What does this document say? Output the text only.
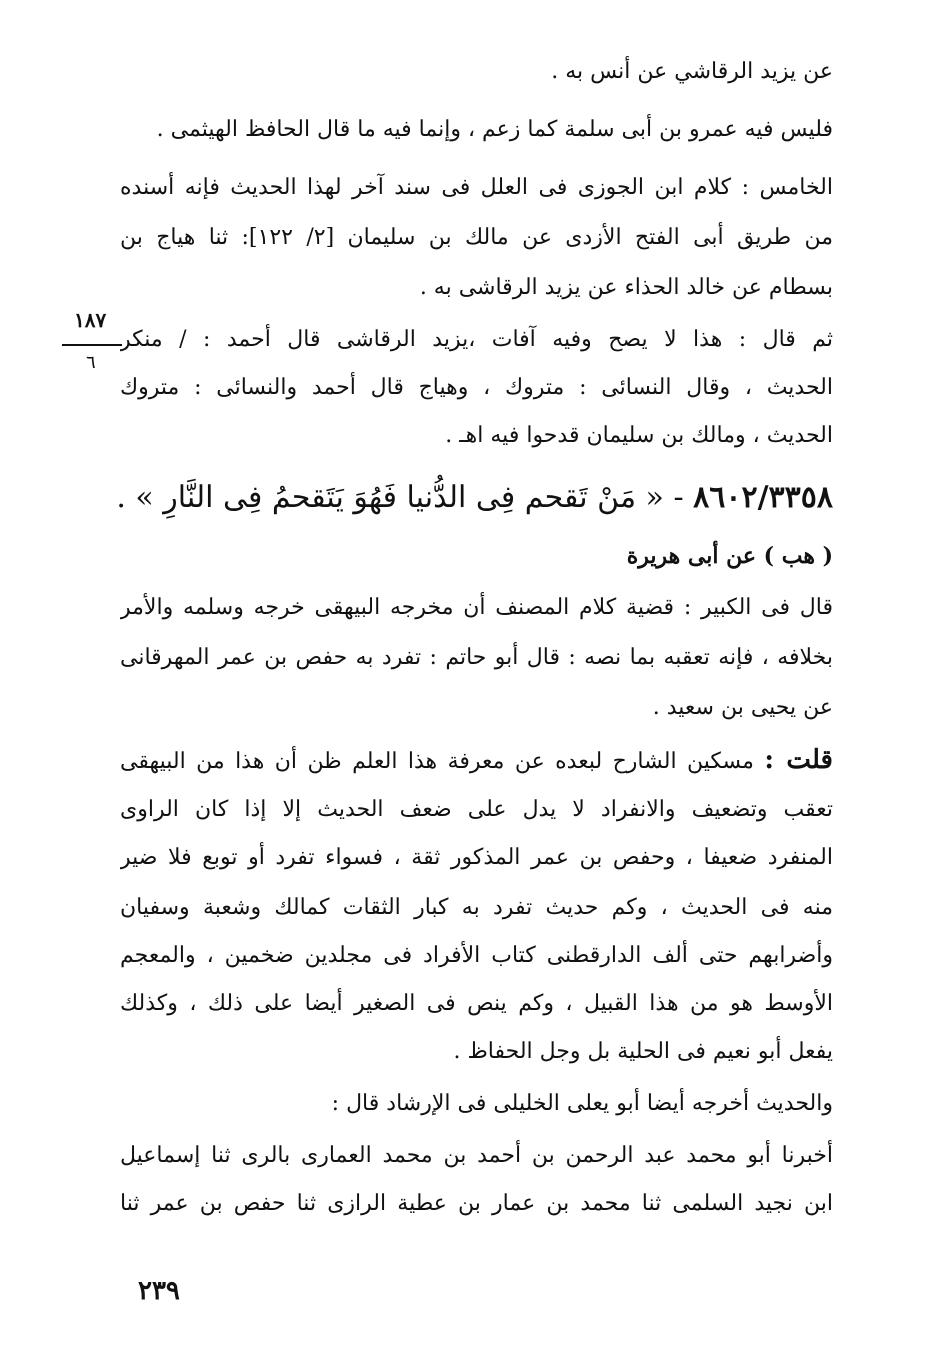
١٨٧
٦
عن يزيد الرقاشي عن أنس به .
فليس فيه عمرو بن أبى سلمة كما زعم ، وإنما فيه ما قال الحافظ الهيثمى .
الخامس : كلام ابن الجوزى فى العلل فى سند آخر لهذا الحديث فإنه أسنده
من طريق أبى الفتح الأزدى عن مالك بن سليمان [٢/ ١٢٢]: ثنا هياج بن
بسطام عن خالد الحذاء عن يزيد الرقاشى به .
ثم قال : هذا لا يصح وفيه آفات ،يزيد الرقاشى قال أحمد : / منكر
الحديث ، وقال النسائى : متروك ، وهياج قال أحمد والنسائى : متروك
الحديث ، ومالك بن سليمان قدحوا فيه اهـ .
٨٦٠٢/٣٣٥٨ - « مَنْ تَقحم فِى الدُّنيا فَهُوَ يَتَقحمُ فِى النَّارِ » .
( هب ) عن أبى هريرة
قال فى الكبير : قضية كلام المصنف أن مخرجه البيهقى خرجه وسلمه والأمر
بخلافه ، فإنه تعقبه بما نصه : قال أبو حاتم : تفرد به حفص بن عمر المهرقانى
عن يحيى بن سعيد .
قلت : مسكين الشارح لبعده عن معرفة هذا العلم ظن أن هذا من البيهقى
تعقب وتضعيف والانفراد لا يدل على ضعف الحديث إلا إذا كان الراوى
المنفرد ضعيفا ، وحفص بن عمر المذكور ثقة ، فسواء تفرد أو توبع فلا ضير
منه فى الحديث ، وكم حديث تفرد به كبار الثقات كمالك وشعبة وسفيان
وأضرابهم حتى ألف الدارقطنى كتاب الأفراد فى مجلدين ضخمين ، والمعجم
الأوسط هو من هذا القبيل ، وكم ينص فى الصغير أيضا على ذلك ، وكذلك
يفعل أبو نعيم فى الحلية بل وجل الحفاظ .
والحديث أخرجه أيضا أبو يعلى الخليلى فى الإرشاد قال :
أخبرنا أبو محمد عبد الرحمن بن أحمد بن محمد العمارى بالرى ثنا إسماعيل
ابن نجيد السلمى ثنا محمد بن عمار بن عطية الرازى ثنا حفص بن عمر ثنا
٢٣٩
